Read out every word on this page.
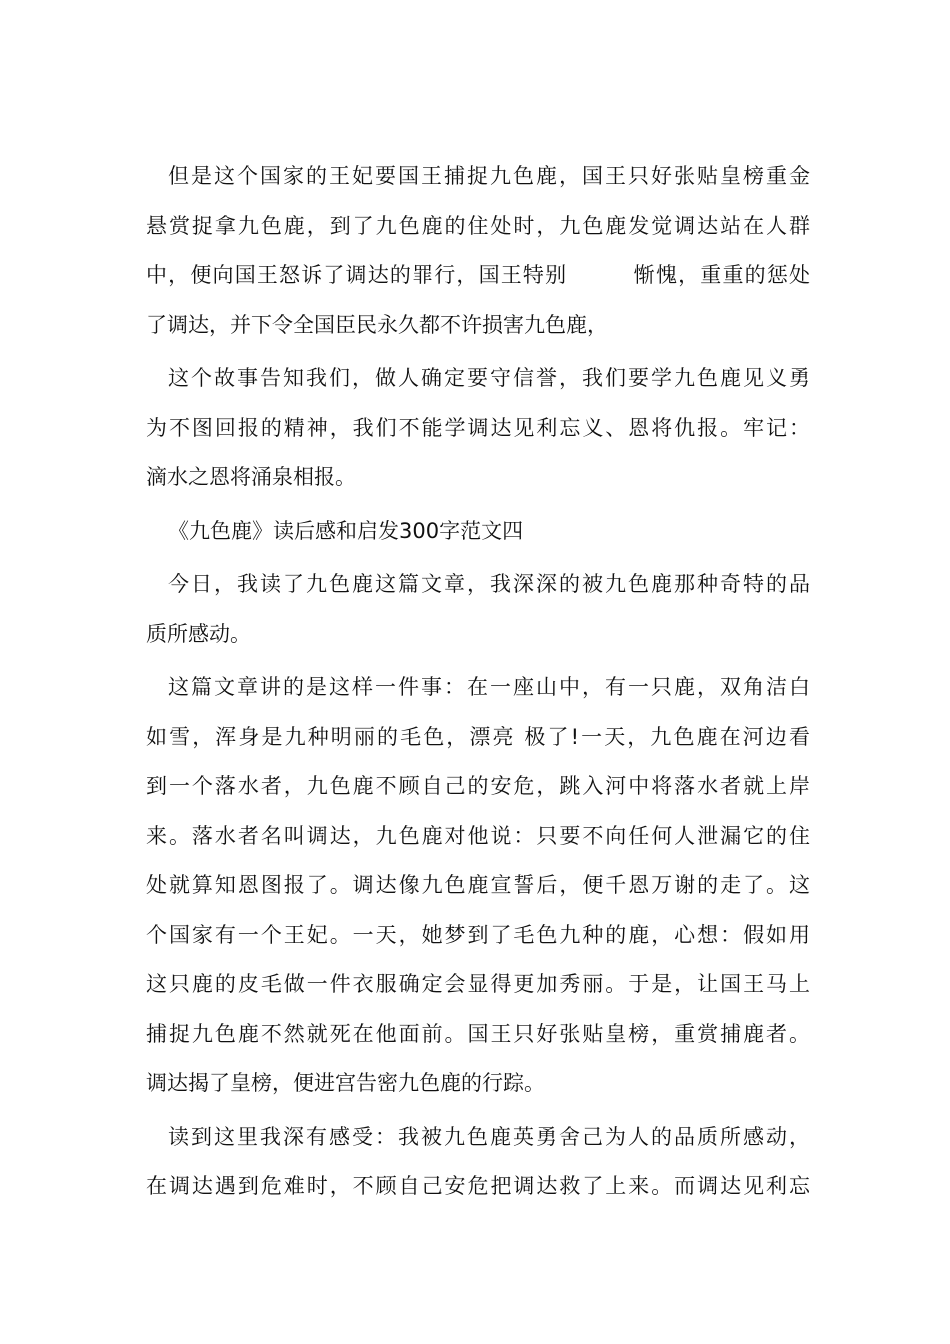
但是这个国家的王妃要国王捕捉九色鹿，国王只好张贴皇榜重金
悬赏捉拿九色鹿，到了九色鹿的住处时，九色鹿发觉调达站在人群
中，便向国王怒诉了调达的罪行，国王特别　　　惭愧，重重的惩处
了调达，并下令全国臣民永久都不许损害九色鹿，
这个故事告知我们，做人确定要守信誉，我们要学九色鹿见义勇
为不图回报的精神，我们不能学调达见利忘义、恩将仇报。牢记：
滴水之恩将涌泉相报。
《九色鹿》读后感和启发300字范文四
今日，我读了九色鹿这篇文章，我深深的被九色鹿那种奇特的品
质所感动。
这篇文章讲的是这样一件事：在一座山中，有一只鹿，双角洁白
如雪，浑身是九种明丽的毛色，漂亮 极了!一天，九色鹿在河边看
到一个落水者，九色鹿不顾自己的安危，跳入河中将落水者就上岸
来。落水者名叫调达，九色鹿对他说：只要不向任何人泄漏它的住
处就算知恩图报了。调达像九色鹿宣誓后，便千恩万谢的走了。这
个国家有一个王妃。一天，她梦到了毛色九种的鹿，心想：假如用
这只鹿的皮毛做一件衣服确定会显得更加秀丽。于是，让国王马上
捕捉九色鹿不然就死在他面前。国王只好张贴皇榜，重赏捕鹿者。
调达揭了皇榜，便进宫告密九色鹿的行踪。
读到这里我深有感受：我被九色鹿英勇舍己为人的品质所感动，
在调达遇到危难时，不顾自己安危把调达救了上来。而调达见利忘
